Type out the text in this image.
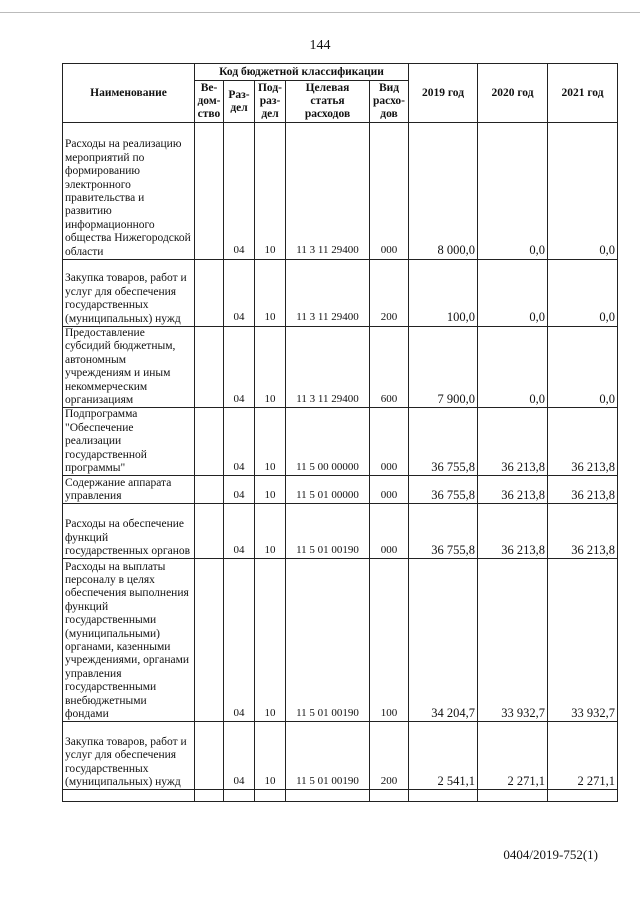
144
Наименование	Код бюджетной классификации					2019 год	2020 год	2021 год
	Ве-дом-ство	Раз-дел	Под-раз-дел	Целевая статья расходов	Вид расхо-дов			
Расходы на реализацию мероприятий по формированию электронного правительства и развитию информационного общества Нижегородской области		04	10	11 3 11 29400	000	8 000,0	0,0	0,0
Закупка товаров, работ и услуг для обеспечения государственных (муниципальных) нужд		04	10	11 3 11 29400	200	100,0	0,0	0,0
Предоставление субсидий бюджетным, автономным учреждениям и иным некоммерческим организациям		04	10	11 3 11 29400	600	7 900,0	0,0	0,0
Подпрограмма "Обеспечение реализации государственной программы"		04	10	11 5 00 00000	000	36 755,8	36 213,8	36 213,8
Содержание аппарата управления		04	10	11 5 01 00000	000	36 755,8	36 213,8	36 213,8
Расходы на обеспечение функций государственных органов		04	10	11 5 01 00190	000	36 755,8	36 213,8	36 213,8
Расходы на выплаты персоналу в целях обеспечения выполнения функций государственными (муниципальными) органами, казенными учреждениями, органами управления государственными внебюджетными фондами		04	10	11 5 01 00190	100	34 204,7	33 932,7	33 932,7
Закупка товаров, работ и услуг для обеспечения государственных (муниципальных) нужд		04	10	11 5 01 00190	200	2 541,1	2 271,1	2 271,1

0404/2019-752(1)
